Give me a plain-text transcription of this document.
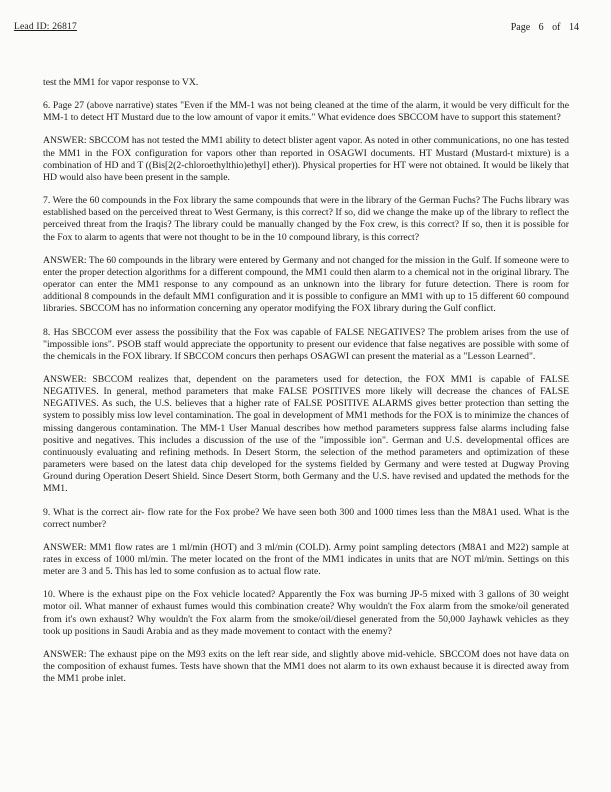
Lead ID: 26817	Page 6 of 14

test the MM1 for vapor response to VX.

6. Page 27 (above narrative) states "Even if the MM-1 was not being cleaned at the time of the alarm, it would be very difficult for the MM-1 to detect HT Mustard due to the low amount of vapor it emits." What evidence does SBCCOM have to support this statement?

ANSWER: SBCCOM has not tested the MM1 ability to detect blister agent vapor. As noted in other communications, no one has tested the MM1 in the FOX configuration for vapors other than reported in OSAGWI documents. HT Mustard (Mustard-t mixture) is a combination of HD and T ((Bis[2(2-chloroethylthio)ethyl] ether)). Physical properties for HT were not obtained. It would be likely that HD would also have been present in the sample.

7. Were the 60 compounds in the Fox library the same compounds that were in the library of the German Fuchs? The Fuchs library was established based on the perceived threat to West Germany, is this correct? If so, did we change the make up of the library to reflect the perceived threat from the Iraqis? The library could be manually changed by the Fox crew, is this correct? If so, then it is possible for the Fox to alarm to agents that were not thought to be in the 10 compound library, is this correct?

ANSWER: The 60 compounds in the library were entered by Germany and not changed for the mission in the Gulf. If someone were to enter the proper detection algorithms for a different compound, the MM1 could then alarm to a chemical not in the original library. The operator can enter the MM1 response to any compound as an unknown into the library for future detection. There is room for additional 8 compounds in the default MM1 configuration and it is possible to configure an MM1 with up to 15 different 60 compound libraries. SBCCOM has no information concerning any operator modifying the FOX library during the Gulf conflict.

8. Has SBCCOM ever assess the possibility that the Fox was capable of FALSE NEGATIVES? The problem arises from the use of "impossible ions". PSOB staff would appreciate the opportunity to present our evidence that false negatives are possible with some of the chemicals in the FOX library. If SBCCOM concurs then perhaps OSAGWI can present the material as a "Lesson Learned".

ANSWER: SBCCOM realizes that, dependent on the parameters used for detection, the FOX MM1 is capable of FALSE NEGATIVES. In general, method parameters that make FALSE POSITIVES more likely will decrease the chances of FALSE NEGATIVES. As such, the U.S. believes that a higher rate of FALSE POSITIVE ALARMS gives better protection than setting the system to possibly miss low level contamination. The goal in development of MM1 methods for the FOX is to minimize the chances of missing dangerous contamination. The MM-1 User Manual describes how method parameters suppress false alarms including false positive and negatives. This includes a discussion of the use of the "impossible ion". German and U.S. developmental offices are continuously evaluating and refining methods. In Desert Storm, the selection of the method parameters and optimization of these parameters were based on the latest data chip developed for the systems fielded by Germany and were tested at Dugway Proving Ground during Operation Desert Shield. Since Desert Storm, both Germany and the U.S. have revised and updated the methods for the MM1.

9. What is the correct air- flow rate for the Fox probe? We have seen both 300 and 1000 times less than the M8A1 used. What is the correct number?

ANSWER: MM1 flow rates are 1 ml/min (HOT) and 3 ml/min (COLD). Army point sampling detectors (M8A1 and M22) sample at rates in excess of 1000 ml/min. The meter located on the front of the MM1 indicates in units that are NOT ml/min. Settings on this meter are 3 and 5. This has led to some confusion as to actual flow rate.

10. Where is the exhaust pipe on the Fox vehicle located? Apparently the Fox was burning JP-5 mixed with 3 gallons of 30 weight motor oil. What manner of exhaust fumes would this combination create? Why wouldn't the Fox alarm from the smoke/oil generated from it's own exhaust? Why wouldn't the Fox alarm from the smoke/oil/diesel generated from the 50,000 Jayhawk vehicles as they took up positions in Saudi Arabia and as they made movement to contact with the enemy?

ANSWER: The exhaust pipe on the M93 exits on the left rear side, and slightly above mid-vehicle. SBCCOM does not have data on the composition of exhaust fumes. Tests have shown that the MM1 does not alarm to its own exhaust because it is directed away from the MM1 probe inlet.
